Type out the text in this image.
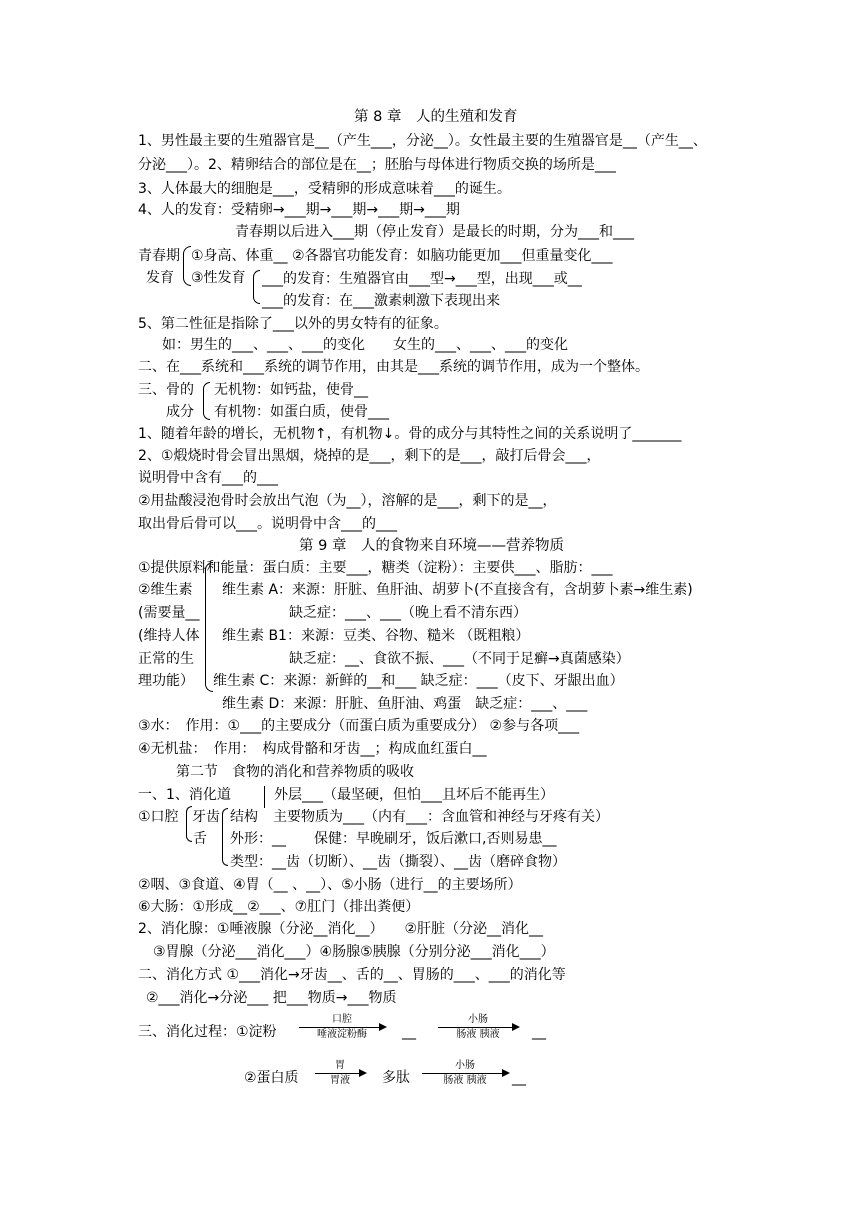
第 8 章　人的生殖和发育
1、男性最主要的生殖器官是__（产生___，分泌__）。女性最主要的生殖器官是__（产生__、
分泌___）。2、精卵结合的部位是在__；胚胎与母体进行物质交换的场所是___
3、人体最大的细胞是___，受精卵的形成意味着___的诞生。
4、人的发育：受精卵→___期→___期→___期→___期
青春期以后进入___期（停止发育）是最长的时期，分为___和___
青春期 ①身高、体重__ ②各器官功能发育：如脑功能更加___但重量变化___
发育 ③性发育 ___的发育：生殖器官由___型→___型，出现___或__
___的发育：在___激素刺激下表现出来
5、第二性征是指除了___以外的男女特有的征象。
如：男生的___、___、___的变化　　女生的___、___、___的变化
二、在___系统和___系统的调节作用，由其是___系统的调节作用，成为一个整体。
三、骨的 无机物：如钙盐，使骨__
成分 有机物：如蛋白质，使骨___
1、随着年龄的增长，无机物↑，有机物↓。骨的成分与其特性之间的关系说明了_______
2、①煅烧时骨会冒出黑烟，烧掉的是___，剩下的是___，敲打后骨会___，
说明骨中含有___的___
②用盐酸浸泡骨时会放出气泡（为__），溶解的是___，剩下的是__，
取出骨后骨可以___。说明骨中含___的___
第 9 章　人的食物来自环境——营养物质
①提供原料和能量：蛋白质：主要___，糖类（淀粉）：主要供___、脂肪：___
②维生素 维生素 A：来源：肝脏、鱼肝油、胡萝卜(不直接含有，含胡萝卜素→维生素)
(需要量__	缺乏症：___、___（晚上看不清东西）
(维持人体 维生素 B1：来源：豆类、谷物、糙米 （既粗粮）
正常的生	缺乏症：__、食欲不振、___（不同于足癣→真菌感染）
理功能） 维生素 C：来源：新鲜的__和___ 缺乏症：___（皮下、牙龈出血）
维生素 D：来源：肝脏、鱼肝油、鸡蛋　缺乏症：___、___
③水：　作用：①___的主要成分（而蛋白质为重要成分） ②参与各项___
④无机盐：　作用：　构成骨骼和牙齿__；构成血红蛋白__
第二节　食物的消化和营养物质的吸收
一、1、消化道	外层___（最坚硬，但怕___且坏后不能再生）
①口腔 牙齿 结构 主要物质为___（内有___：含血管和神经与牙疼有关）
舌 外形：__　　保健：早晚刷牙，饭后漱口,否则易患__
类型：__齿（切断）、__齿（撕裂）、__齿（磨碎食物）
②咽、③食道、④胃（__ 、__）、⑤小肠（进行__的主要场所）
⑥大肠：①形成__②___、⑦肛门（排出粪便）
2、消化腺：①唾液腺（分泌__消化__）　　②肝脏（分泌__消化__
③胃腺（分泌___消化___）④肠腺⑤胰腺（分别分泌___消化___）
二、消化方式 ①___消化→牙齿__、舌的__、胃肠的___、___的消化等
②___消化→分泌___ 把___物质→___物质
三、消化过程：①淀粉
口腔
唾液淀粉酶	__
小肠
肠液 胰液	__
②蛋白质
胃
胃液	多肽
小肠
肠液 胰液	__
